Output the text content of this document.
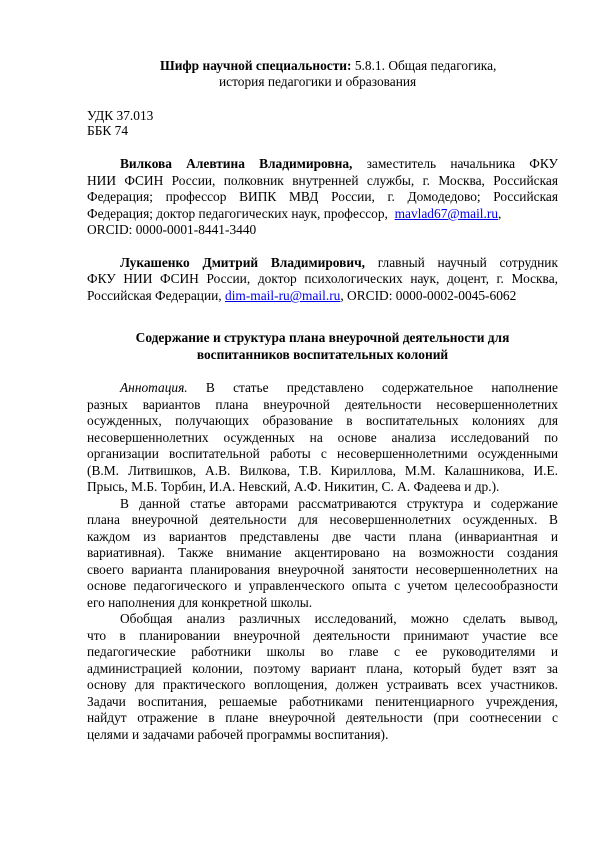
Шифр научной специальности: 5.8.1. Общая педагогика,
история педагогики и образования
УДК 37.013
ББК 74
Вилкова Алевтина Владимировна, заместитель начальника ФКУ
НИИ ФСИН России, полковник внутренней службы, г. Москва, Российская
Федерация; профессор ВИПК МВД России, г. Домодедово; Российская
Федерация; доктор педагогических наук, профессор, mavlad67@mail.ru,
ORCID: 0000-0001-8441-3440
Лукашенко Дмитрий Владимирович, главный научный сотрудник
ФКУ НИИ ФСИН России, доктор психологических наук, доцент, г. Москва,
Российская Федерации, dim-mail-ru@mail.ru, ORCID: 0000-0002-0045-6062
Содержание и структура плана внеурочной деятельности для
воспитанников воспитательных колоний
Аннотация. В статье представлено содержательное наполнение
разных вариантов плана внеурочной деятельности несовершеннолетних
осужденных, получающих образование в воспитательных колониях для
несовершеннолетних осужденных на основе анализа исследований по
организации воспитательной работы с несовершеннолетними осужденными
(В.М. Литвишков, А.В. Вилкова, Т.В. Кириллова, М.М. Калашникова, И.Е.
Прысь, М.Б. Торбин, И.А. Невский, А.Ф. Никитин, С. А. Фадеева и др.).
В данной статье авторами рассматриваются структура и содержание
плана внеурочной деятельности для несовершеннолетних осужденных. В
каждом из вариантов представлены две части плана (инвариантная и
вариативная). Также внимание акцентировано на возможности создания
своего варианта планирования внеурочной занятости несовершеннолетних на
основе педагогического и управленческого опыта с учетом целесообразности
его наполнения для конкретной школы.
Обобщая анализ различных исследований, можно сделать вывод,
что в планировании внеурочной деятельности принимают участие все
педагогические работники школы во главе с ее руководителями и
администрацией колонии, поэтому вариант плана, который будет взят за
основу для практического воплощения, должен устраивать всех участников.
Задачи воспитания, решаемые работниками пенитенциарного учреждения,
найдут отражение в плане внеурочной деятельности (при соотнесении с
целями и задачами рабочей программы воспитания).
